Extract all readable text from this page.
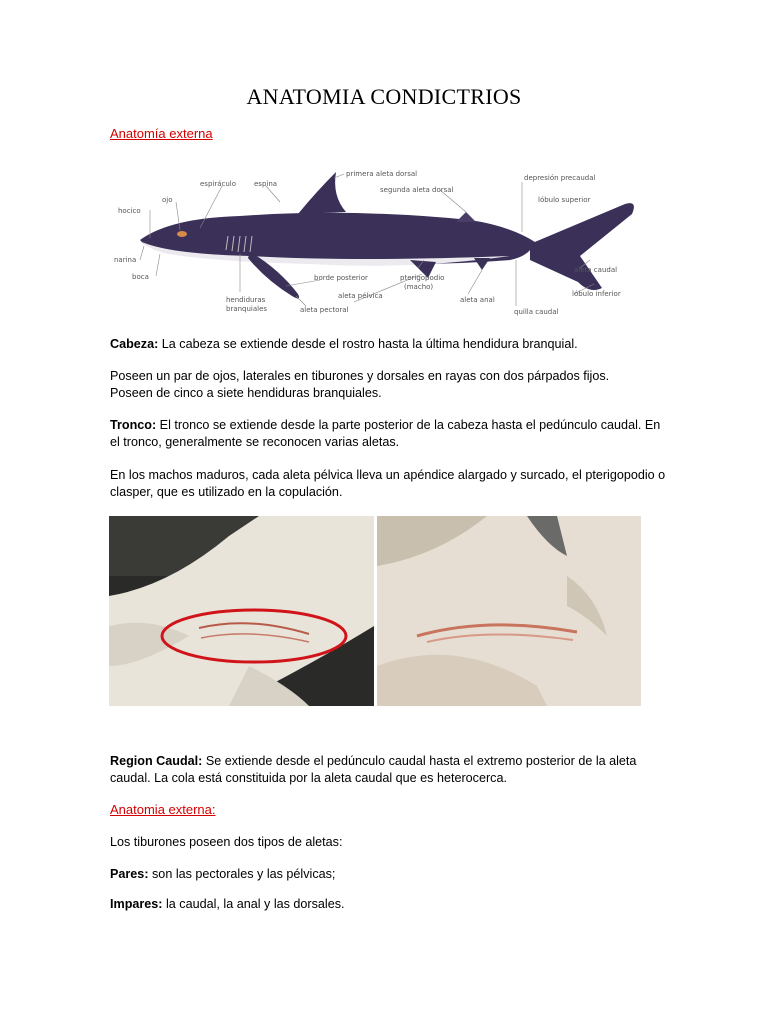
ANATOMIA CONDICTRIOS
Anatomía externa
hocico
ojo
espiráculo	espina
primera aleta dorsal
segunda aleta dorsal
depresión precaudal
lóbulo superior
narina
boca
hendiduras
branquiales	aleta pectoral
borde posterior
aleta pélvica
pterigopodio
(macho)
aleta anal
quilla caudal
aleta caudal
lóbulo inferior
Cabeza: La cabeza se extiende desde el rostro hasta la última hendidura branquial.
Poseen un par de ojos, laterales en tiburones y dorsales en rayas con dos párpados fijos.
Poseen de cinco a siete hendiduras branquiales.
Tronco: El tronco se extiende desde la parte posterior de la cabeza hasta el pedúnculo caudal. En el tronco, generalmente se reconocen varias aletas.
En los machos maduros, cada aleta pélvica lleva un apéndice alargado y surcado, el pterigopodio o clasper, que es utilizado en la copulación.
Region Caudal: Se extiende desde el pedúnculo caudal hasta el extremo posterior de la aleta caudal. La cola está constituida por la aleta caudal que es heterocerca.
Anatomia externa:
Los tiburones poseen dos tipos de aletas:
Pares: son las pectorales y las pélvicas;
Impares: la caudal, la anal y las dorsales.
